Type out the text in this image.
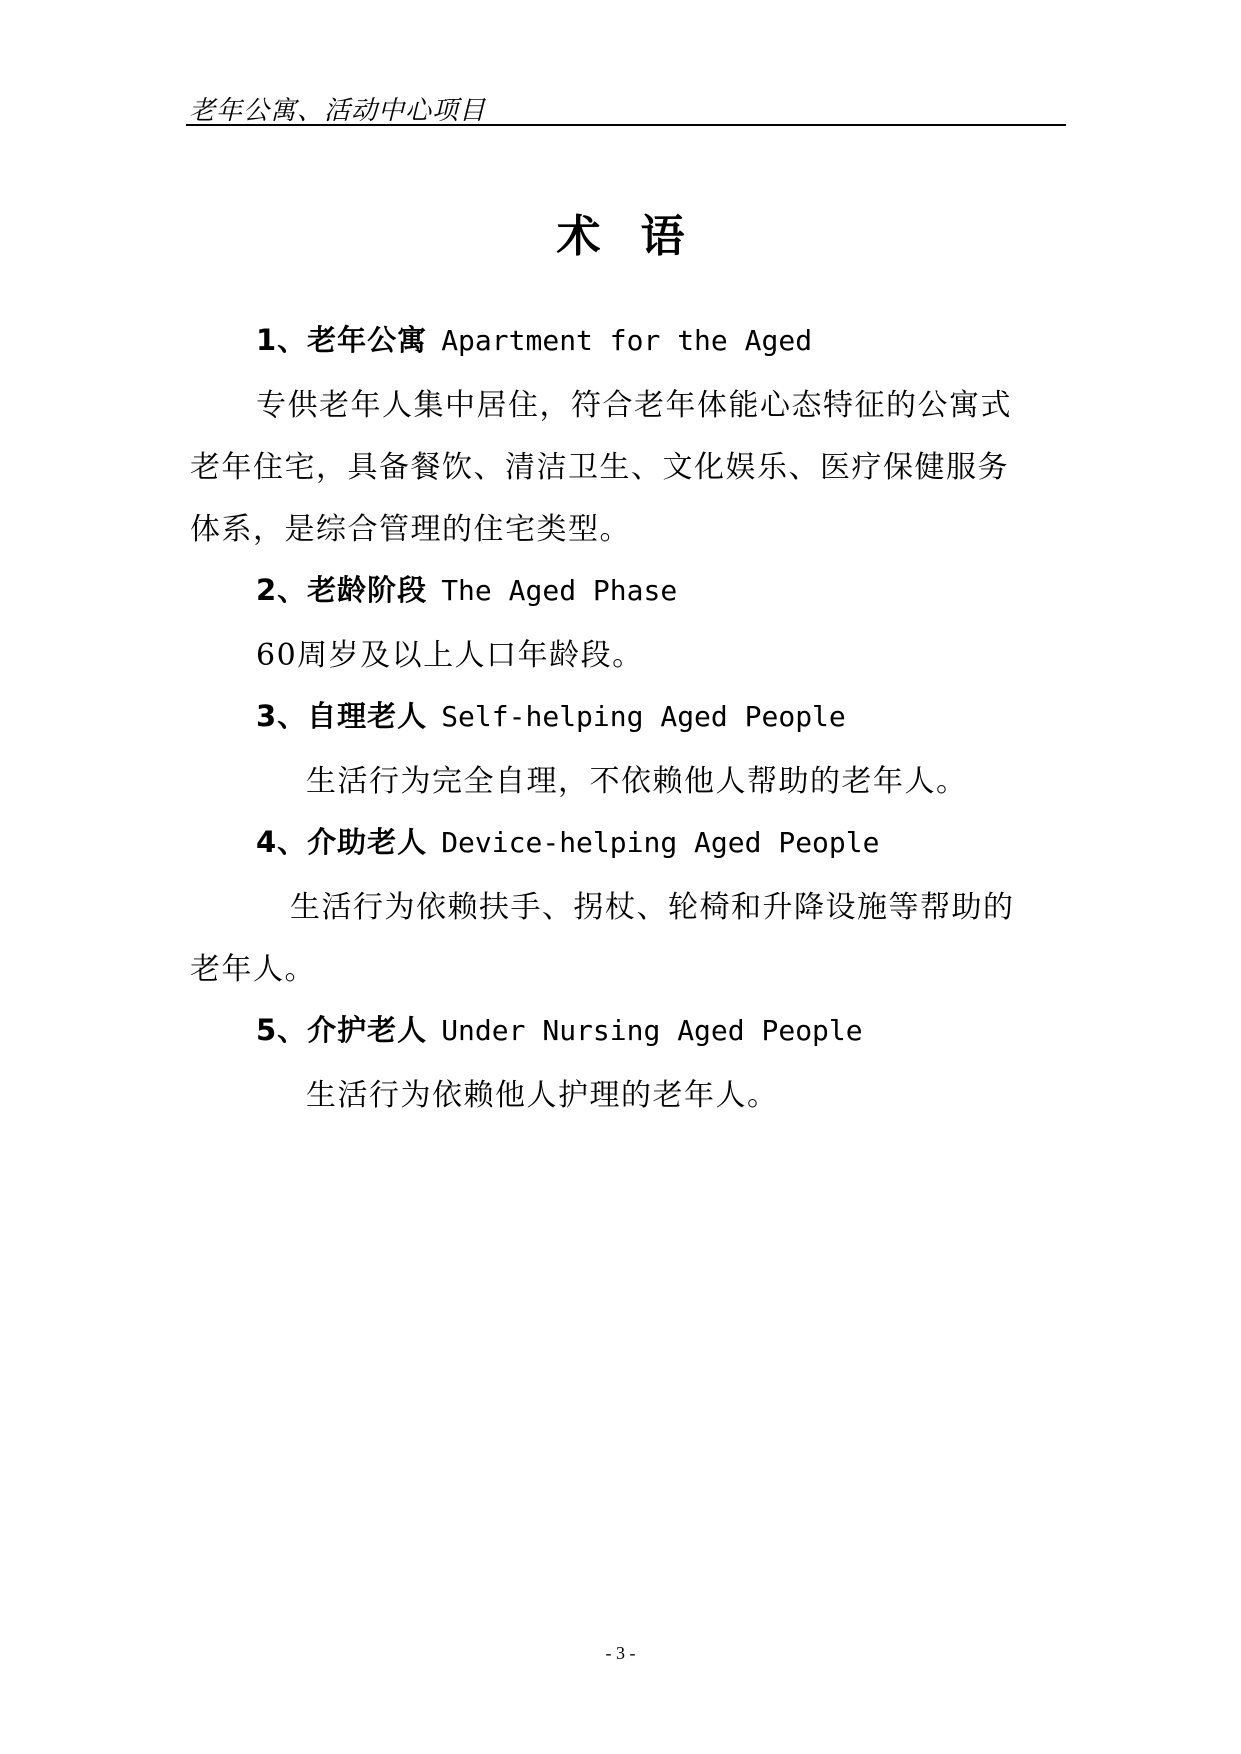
老年公寓、活动中心项目
术语
1、老年公寓 Apartment for the Aged
专供老年人集中居住，符合老年体能心态特征的公寓式
老年住宅，具备餐饮、清洁卫生、文化娱乐、医疗保健服务
体系，是综合管理的住宅类型。
2、老龄阶段 The Aged Phase
60周岁及以上人口年龄段。
3、自理老人 Self-helping Aged People
生活行为完全自理，不依赖他人帮助的老年人。
4、介助老人 Device-helping Aged People
生活行为依赖扶手、拐杖、轮椅和升降设施等帮助的
老年人。
5、介护老人 Under Nursing Aged People
生活行为依赖他人护理的老年人。
- 3 -
